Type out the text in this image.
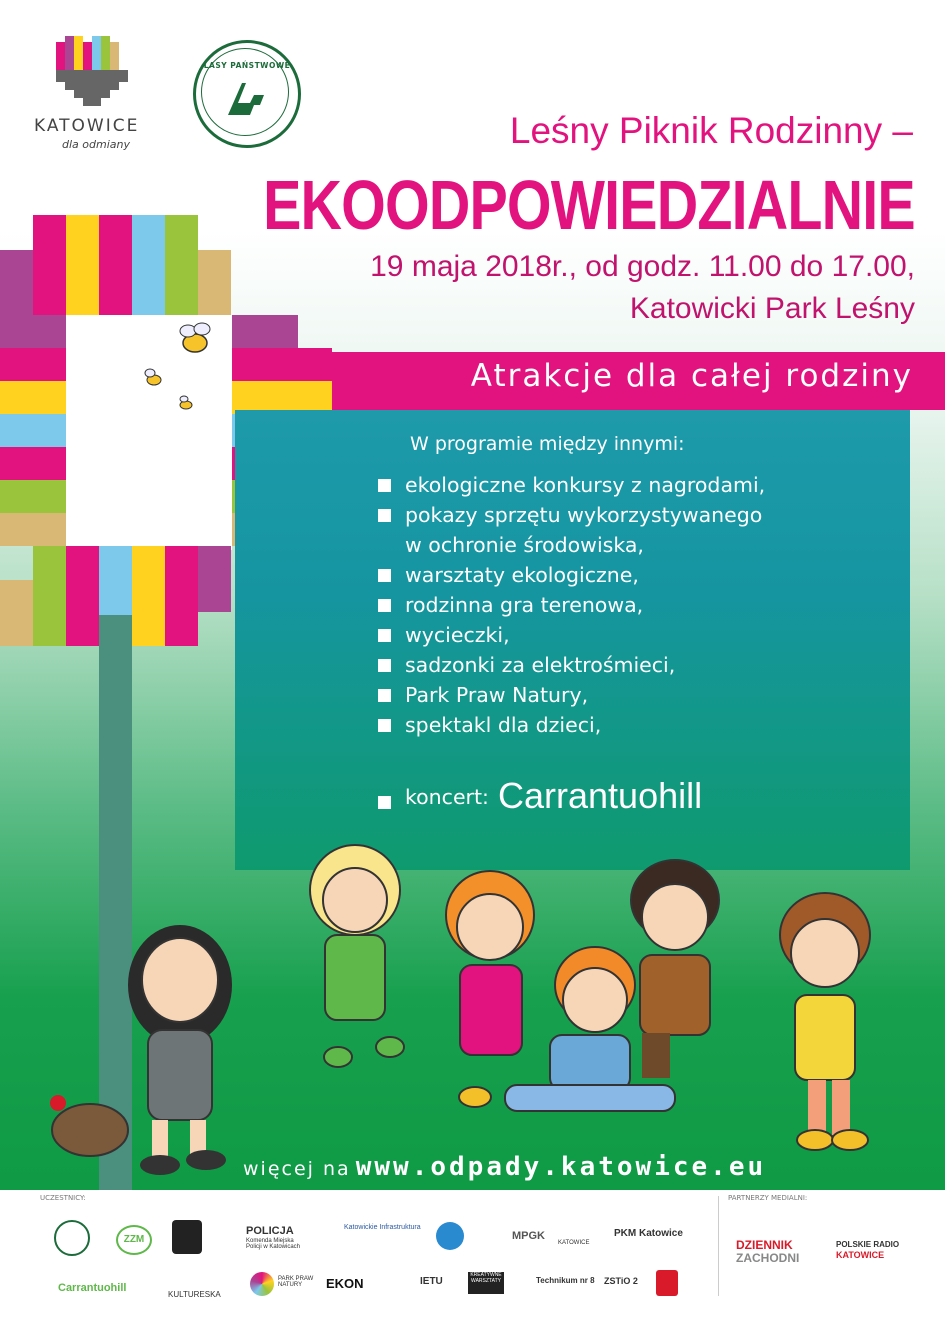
KATOWICE
dla odmiany
LASY PAŃSTWOWE
Leśny Piknik Rodzinny –
EKOODPOWIEDZIALNIE
19 maja 2018r., od godz. 11.00 do 17.00,
Katowicki Park Leśny
Atrakcje dla całej rodziny
W programie między innymi:
ekologiczne konkursy z nagrodami,
pokazy sprzętu wykorzystywanego
w ochronie środowiska,
warsztaty ekologiczne,
rodzinna gra terenowa,
wycieczki,
sadzonki za elektrośmieci,
Park Praw Natury,
spektakl dla dzieci,
koncert: Carrantuohill
więcej na www.odpady.katowice.eu
UCZESTNICY:	PARTNERZY MEDIALNI:
ZZM
POLICJA
Komenda Miejska Policji w Katowicach
Katowickie Infrastruktura
MPGK
KATOWICE
PKM Katowice
Carrantuohill
KULTURESKA
PARK PRAW NATURY	EKON	IETU
KREATYWNE WARSZTATY	Technikum nr 8 ZSTiO 2
DZIENNIK
ZACHODNI
POLSKIE RADIO
KATOWICE
